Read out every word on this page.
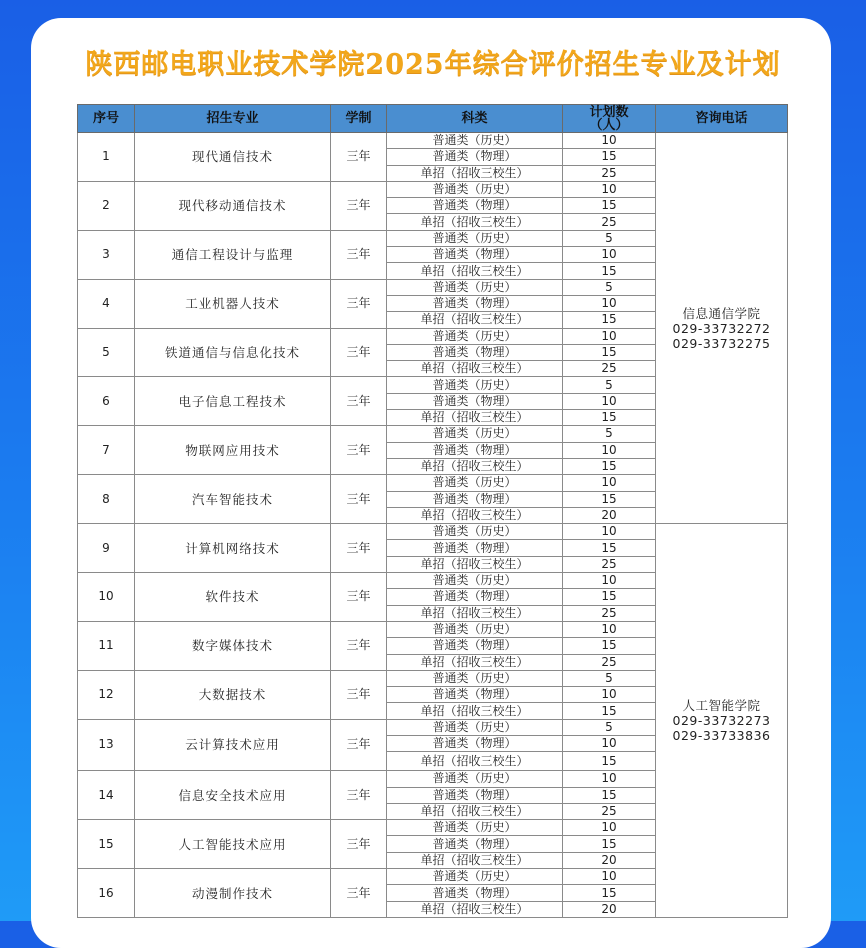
陕西邮电职业技术学院2025年综合评价招生专业及计划
序号	招生专业	学制	科类	计划数（人）	咨询电话
1	现代通信技术	三年	普通类（历史）	10	信息通信学院
029-33732272
029-33732275

			普通类（物理）	15	
			单招（招收三校生）	25	
2	现代移动通信技术	三年	普通类（历史）	10	
			普通类（物理）	15	
			单招（招收三校生）	25	
3	通信工程设计与监理	三年	普通类（历史）	5	
			普通类（物理）	10	
			单招（招收三校生）	15	
4	工业机器人技术	三年	普通类（历史）	5	
			普通类（物理）	10	
			单招（招收三校生）	15	
5	铁道通信与信息化技术	三年	普通类（历史）	10	
			普通类（物理）	15	
			单招（招收三校生）	25	
6	电子信息工程技术	三年	普通类（历史）	5	
			普通类（物理）	10	
			单招（招收三校生）	15	
7	物联网应用技术	三年	普通类（历史）	5	
			普通类（物理）	10	
			单招（招收三校生）	15	
8	汽车智能技术	三年	普通类（历史）	10	
			普通类（物理）	15	
			单招（招收三校生）	20	
9	计算机网络技术	三年	普通类（历史）	10	人工智能学院
029-33732273
029-33733836

			普通类（物理）	15	
			单招（招收三校生）	25	
10	软件技术	三年	普通类（历史）	10	
			普通类（物理）	15	
			单招（招收三校生）	25	
11	数字媒体技术	三年	普通类（历史）	10	
			普通类（物理）	15	
			单招（招收三校生）	25	
12	大数据技术	三年	普通类（历史）	5	
			普通类（物理）	10	
			单招（招收三校生）	15	
13	云计算技术应用	三年	普通类（历史）	5	
			普通类（物理）	10	
			单招（招收三校生）	15	
14	信息安全技术应用	三年	普通类（历史）	10	
			普通类（物理）	15	
			单招（招收三校生）	25	
15	人工智能技术应用	三年	普通类（历史）	10	
			普通类（物理）	15	
			单招（招收三校生）	20	
16	动漫制作技术	三年	普通类（历史）	10	
			普通类（物理）	15	
			单招（招收三校生）	20	
